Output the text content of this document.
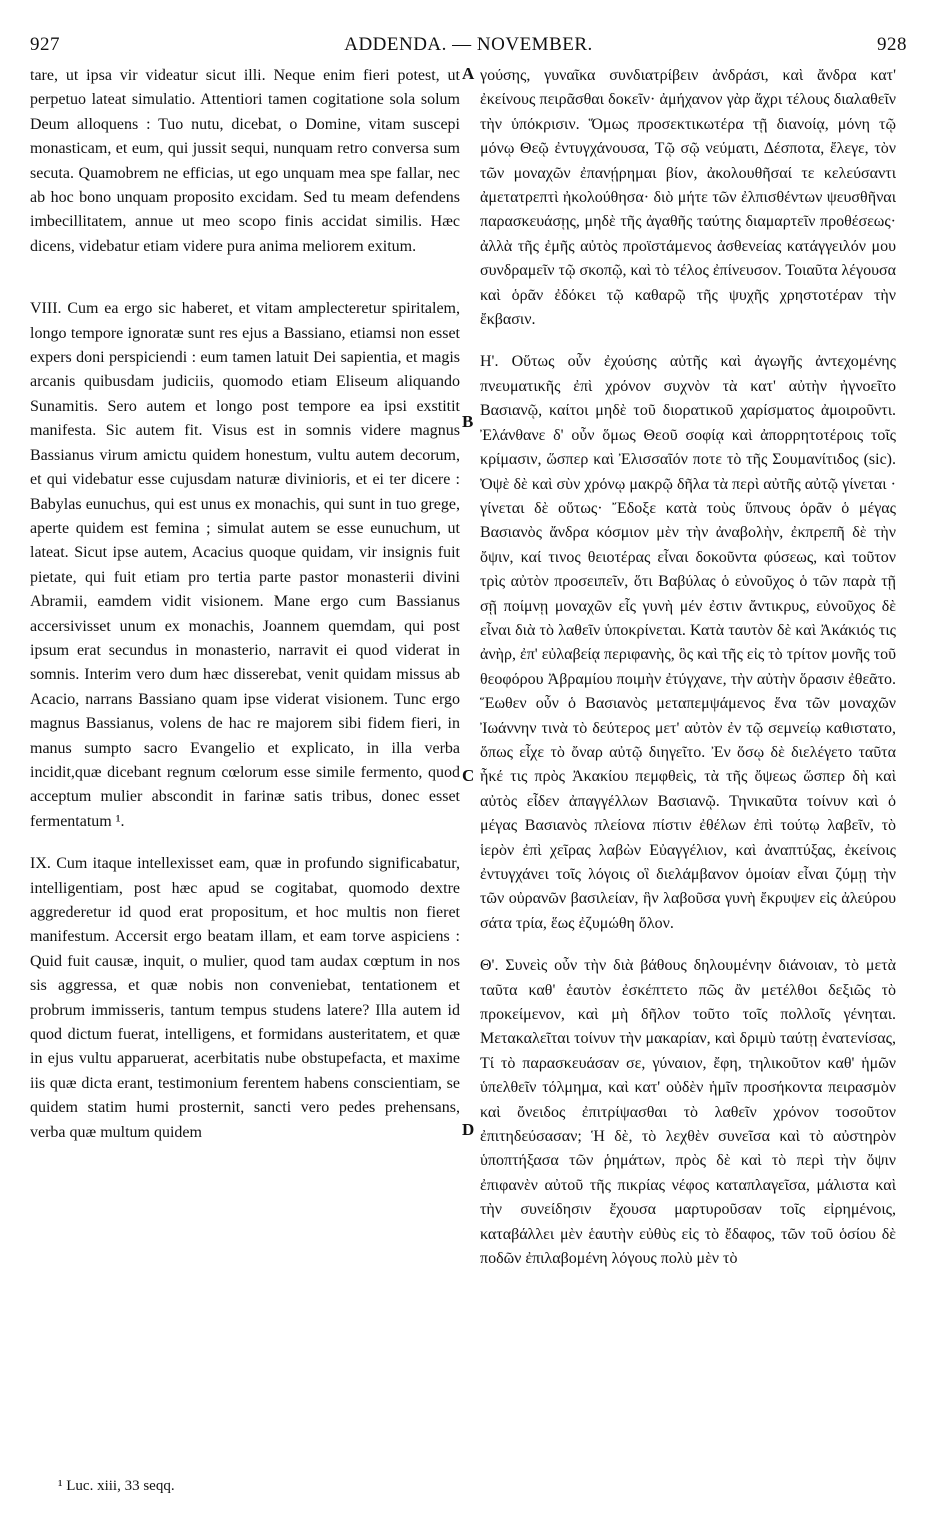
927	ADDENDA. — NOVEMBER.	928

tare, ut ipsa vir videatur sicut illi. Neque enim fieri potest, ut perpetuo lateat simulatio. Attentiori tamen cogitatione sola solum Deum alloquens : Tuo nutu, dicebat, o Domine, vitam suscepi monasticam, et eum, qui jussit sequi, nunquam retro conversa sum secuta. Quamobrem ne efficias, ut ego unquam mea spe fallar, nec ab hoc bono unquam proposito excidam. Sed tu meam defendens imbecillitatem, annue ut meo scopo finis accidat similis. Hæc dicens, videbatur etiam videre pura anima meliorem exitum.

VIII. Cum ea ergo sic haberet, et vitam amplecteretur spiritalem, longo tempore ignoratæ sunt res ejus a Bassiano, etiamsi non esset expers doni perspiciendi : eum tamen latuit Dei sapientia, et magis arcanis quibusdam judiciis, quomodo etiam Eliseum aliquando Sunamitis. Sero autem et longo post tempore ea ipsi exstitit manifesta. Sic autem fit. Visus est in somnis videre magnus Bassianus virum amictu quidem honestum, vultu autem decorum, et qui videbatur esse cujusdam naturæ divinioris, et ei ter dicere : Babylas eunuchus, qui est unus ex monachis, qui sunt in tuo grege, aperte quidem est femina ; simulat autem se esse eunuchum, ut lateat. Sicut ipse autem, Acacius quoque quidam, vir insignis fuit pietate, qui fuit etiam pro tertia parte pastor monasterii divini Abramii, eamdem vidit visionem. Mane ergo cum Bassianus accersivisset unum ex monachis, Joannem quemdam, qui post ipsum erat secundus in monasterio, narravit ei quod viderat in somnis. Interim vero dum hæc disserebat, venit quidam missus ab Acacio, narrans Bassiano quam ipse viderat visionem. Tunc ergo magnus Bassianus, volens de hac re majorem sibi fidem fieri, in manus sumpto sacro Evangelio et explicato, in illa verba incidit,quæ dicebant regnum cœlorum esse simile fermento, quod acceptum mulier abscondit in farinæ satis tribus, donec esset fermentatum ¹.

IX. Cum itaque intellexisset eam, quæ in profundo significabatur, intelligentiam, post hæc apud se cogitabat, quomodo dextre aggrederetur id quod erat propositum, et hoc multis non fieret manifestum. Accersit ergo beatam illam, et eam torve aspiciens : Quid fuit causæ, inquit, o mulier, quod tam audax cœptum in nos sis aggressa, et quæ nobis non conveniebat, tentationem et probrum immisseris, tantum tempus studens latere? Illa autem id quod dictum fuerat, intelligens, et formidans austeritatem, et quæ in ejus vultu apparuerat, acerbitatis nube obstupefacta, et maxime iis quæ dicta erant, testimonium ferentem habens conscientiam, se quidem statim humi prosternit, sancti vero pedes prehensans, verba quæ multum quidem

A
B
C
D

γούσης, γυναῖκα συνδιατρίβειν ἀνδράσι, καὶ ἄνδρα κατ' ἐκείνους πειρᾶσθαι δοκεῖν· ἀμήχανον γὰρ ἄχρι τέλους διαλαθεῖν τὴν ὑπόκρισιν. Ὅμως προσεκτικωτέρα τῇ διανοίᾳ, μόνη τῷ μόνῳ Θεῷ ἐντυγχάνουσα, Τῷ σῷ νεύματι, Δέσποτα, ἔλεγε, τὸν τῶν μοναχῶν ἐπανῄρημαι βίον, ἀκολουθῆσαί τε κελεύσαντι ἀμετατρεπτὶ ἠκολούθησα· διὸ μήτε τῶν ἐλπισθέντων ψευσθῆναι παρασκευάσῃς, μηδὲ τῆς ἀγαθῆς ταύτης διαμαρτεῖν προθέσεως· ἀλλὰ τῆς ἐμῆς αὐτὸς προϊστάμενος ἀσθενείας κατάγγειλόν μου συνδραμεῖν τῷ σκοπῷ, καὶ τὸ τέλος ἐπίνευσον. Τοιαῦτα λέγουσα καὶ ὁρᾶν ἐδόκει τῷ καθαρῷ τῆς ψυχῆς χρηστοτέραν τὴν ἔκβασιν.

Η'. Οὕτως οὖν ἐχούσης αὐτῆς καὶ ἀγωγῆς ἀντεχομένης πνευματικῆς ἐπὶ χρόνον συχνὸν τὰ κατ' αὐτὴν ἠγνοεῖτο Βασιανῷ, καίτοι μηδὲ τοῦ διορατικοῦ χαρίσματος ἀμοιροῦντι. Ἐλάνθανε δ' οὖν ὅμως Θεοῦ σοφίᾳ καὶ ἀπορρητοτέροις τοῖς κρίμασιν, ὥσπερ καὶ Ἐλισσαῖόν ποτε τὸ τῆς Σουμανίτιδος (sic). Ὀψὲ δὲ καὶ σὺν χρόνῳ μακρῷ δῆλα τὰ περὶ αὐτῆς αὐτῷ γίνεται · γίνεται δὲ οὕτως· Ἔδοξε κατὰ τοὺς ὕπνους ὁρᾶν ὁ μέγας Βασιανὸς ἄνδρα κόσμιον μὲν τὴν ἀναβολὴν, ἐκπρεπῆ δὲ τὴν ὄψιν, καί τινος θειοτέρας εἶναι δοκοῦντα φύσεως, καὶ τοῦτον τρὶς αὐτὸν προσειπεῖν, ὅτι Βαβύλας ὁ εὐνοῦχος ὁ τῶν παρὰ τῇ σῇ ποίμνῃ μοναχῶν εἷς γυνὴ μέν ἐστιν ἄντικρυς, εὐνοῦχος δὲ εἶναι διὰ τὸ λαθεῖν ὑποκρίνεται. Κατὰ ταυτὸν δὲ καὶ Ἀκάκιός τις ἀνὴρ, ἐπ' εὐλαβείᾳ περιφανὴς, ὃς καὶ τῆς εἰς τὸ τρίτον μονῆς τοῦ θεοφόρου Ἀβραμίου ποιμὴν ἐτύγχανε, τὴν αὐτὴν ὅρασιν ἐθεᾶτο. Ἕωθεν οὖν ὁ Βασιανὸς μεταπεμψάμενος ἕνα τῶν μοναχῶν Ἰωάννην τινὰ τὸ δεύτερος μετ' αὐτὸν ἐν τῷ σεμνείῳ καθιστατο, ὅπως εἶχε τὸ ὄναρ αὐτῷ διηγεῖτο. Ἐν ὅσῳ δὲ διελέγετο ταῦτα ἧκέ τις πρὸς Ἀκακίου πεμφθεὶς, τὰ τῆς ὄψεως ὥσπερ δὴ καὶ αὐτὸς εἶδεν ἀπαγγέλλων Βασιανῷ. Τηνικαῦτα τοίνυν καὶ ὁ μέγας Βασιανὸς πλείονα πίστιν ἐθέλων ἐπὶ τούτῳ λαβεῖν, τὸ ἱερὸν ἐπὶ χεῖρας λαβὼν Εὐαγγέλιον, καὶ ἀναπτύξας, ἐκείνοις ἐντυγχάνει τοῖς λόγοις οἳ διελάμβανον ὁμοίαν εἶναι ζύμῃ τὴν τῶν οὐρανῶν βασιλείαν, ἣν λαβοῦσα γυνὴ ἔκρυψεν εἰς ἀλεύρου σάτα τρία, ἕως ἐζυμώθη ὅλον.

Θ'. Συνεὶς οὖν τὴν διὰ βάθους δηλουμένην διάνοιαν, τὸ μετὰ ταῦτα καθ' ἑαυτὸν ἐσκέπτετο πῶς ἂν μετέλθοι δεξιῶς τὸ προκείμενον, καὶ μὴ δῆλον τοῦτο τοῖς πολλοῖς γένηται. Μετακαλεῖται τοίνυν τὴν μακαρίαν, καὶ δριμὺ ταύτῃ ἐνατενίσας, Τί τὸ παρασκευάσαν σε, γύναιον, ἔφη, τηλικοῦτον καθ' ἡμῶν ὑπελθεῖν τόλμημα, καὶ κατ' οὐδὲν ἡμῖν προσήκοντα πειρασμὸν καὶ ὄνειδος ἐπιτρίψασθαι τὸ λαθεῖν χρόνον τοσοῦτον ἐπιτηδεύσασαν; Ἡ δὲ, τὸ λεχθὲν συνεῖσα καὶ τὸ αὐστηρὸν ὑποπτήξασα τῶν ῥημάτων, πρὸς δὲ καὶ τὸ περὶ τὴν ὄψιν ἐπιφανὲν αὐτοῦ τῆς πικρίας νέφος καταπλαγεῖσα, μάλιστα καὶ τὴν συνείδησιν ἔχουσα μαρτυροῦσαν τοῖς εἰρημένοις, καταβάλλει μὲν ἑαυτὴν εὐθὺς εἰς τὸ ἔδαφος, τῶν τοῦ ὁσίου δὲ ποδῶν ἐπιλαβομένη λόγους πολὺ μὲν τὸ

¹ Luc. xiii, 33 seqq.
